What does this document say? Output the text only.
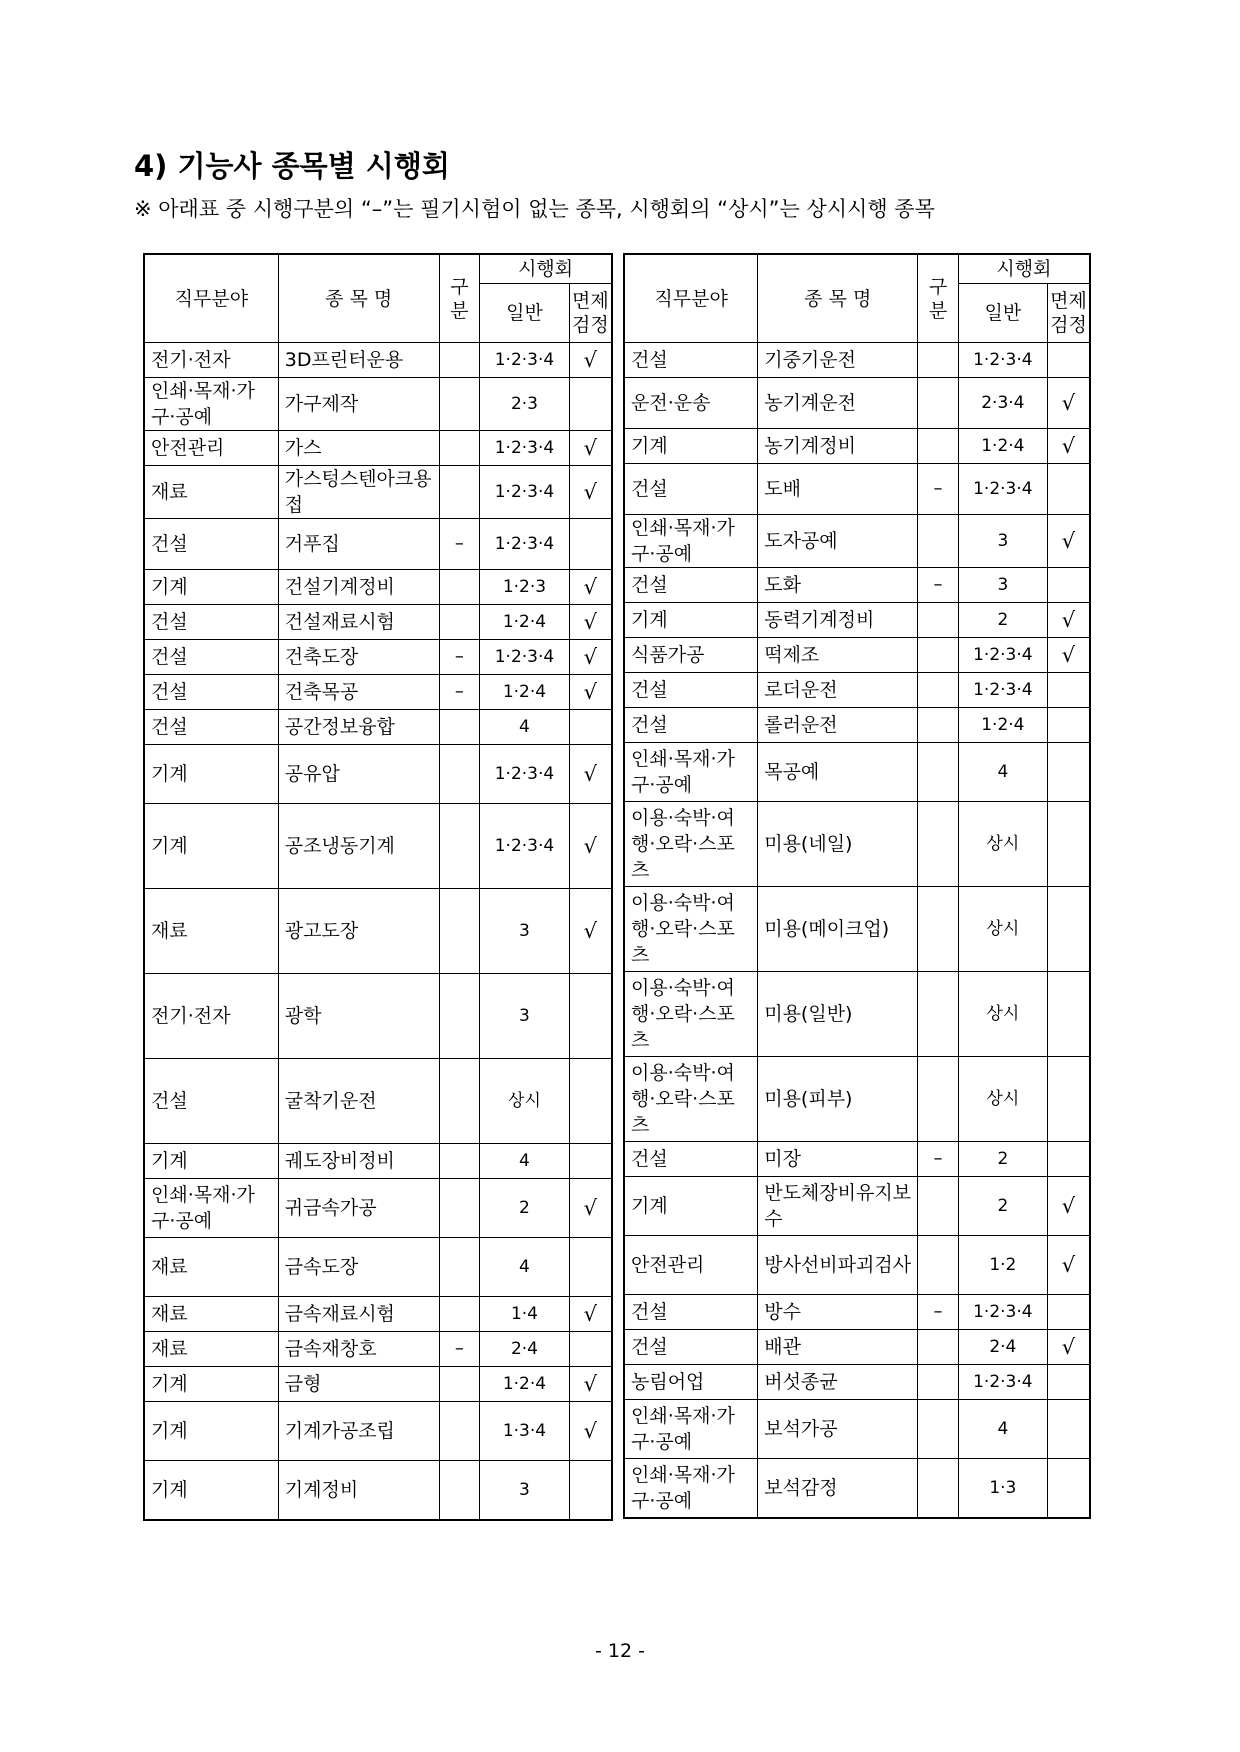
4) 기능사 종목별 시행회

※ 아래표 중 시행구분의 “–”는 필기시험이 없는 종목, 시행회의 “상시”는 상시시행 종목

직무분야	종 목 명	구분	시행회	
			일반	면제검정
전기·전자	3D프린터운용		1·2·3·4	√
인쇄·목재·가구·공예	가구제작		2·3	
안전관리	가스		1·2·3·4	√
재료	가스텅스텐아크용접		1·2·3·4	√
건설	거푸집	–	1·2·3·4	
기계	건설기계정비		1·2·3	√
건설	건설재료시험		1·2·4	√
건설	건축도장	–	1·2·3·4	√
건설	건축목공	–	1·2·4	√
건설	공간정보융합		4	
기계	공유압		1·2·3·4	√
기계	공조냉동기계		1·2·3·4	√
재료	광고도장		3	√
전기·전자	광학		3	
건설	굴착기운전		상시	
기계	궤도장비정비		4	
인쇄·목재·가구·공예	귀금속가공		2	√
재료	금속도장		4	
재료	금속재료시험		1·4	√
재료	금속재창호	–	2·4	
기계	금형		1·2·4	√
기계	기계가공조립		1·3·4	√
기계	기계정비		3	
직무분야	종 목 명	구분	시행회	
			일반	면제검정
건설	기중기운전		1·2·3·4	
운전·운송	농기계운전		2·3·4	√
기계	농기계정비		1·2·4	√
건설	도배	–	1·2·3·4	
인쇄·목재·가구·공예	도자공예		3	√
건설	도화	–	3	
기계	동력기계정비		2	√
식품가공	떡제조		1·2·3·4	√
건설	로더운전		1·2·3·4	
건설	롤러운전		1·2·4	
인쇄·목재·가구·공예	목공예		4	
이용·숙박·여행·오락·스포츠	미용(네일)		상시	
이용·숙박·여행·오락·스포츠	미용(메이크업)		상시	
이용·숙박·여행·오락·스포츠	미용(일반)		상시	
이용·숙박·여행·오락·스포츠	미용(피부)		상시	
건설	미장	–	2	
기계	반도체장비유지보수		2	√
안전관리	방사선비파괴검사		1·2	√
건설	방수	–	1·2·3·4	
건설	배관		2·4	√
농림어업	버섯종균		1·2·3·4	
인쇄·목재·가구·공예	보석가공		4	
인쇄·목재·가구·공예	보석감정		1·3	
- 12 -
